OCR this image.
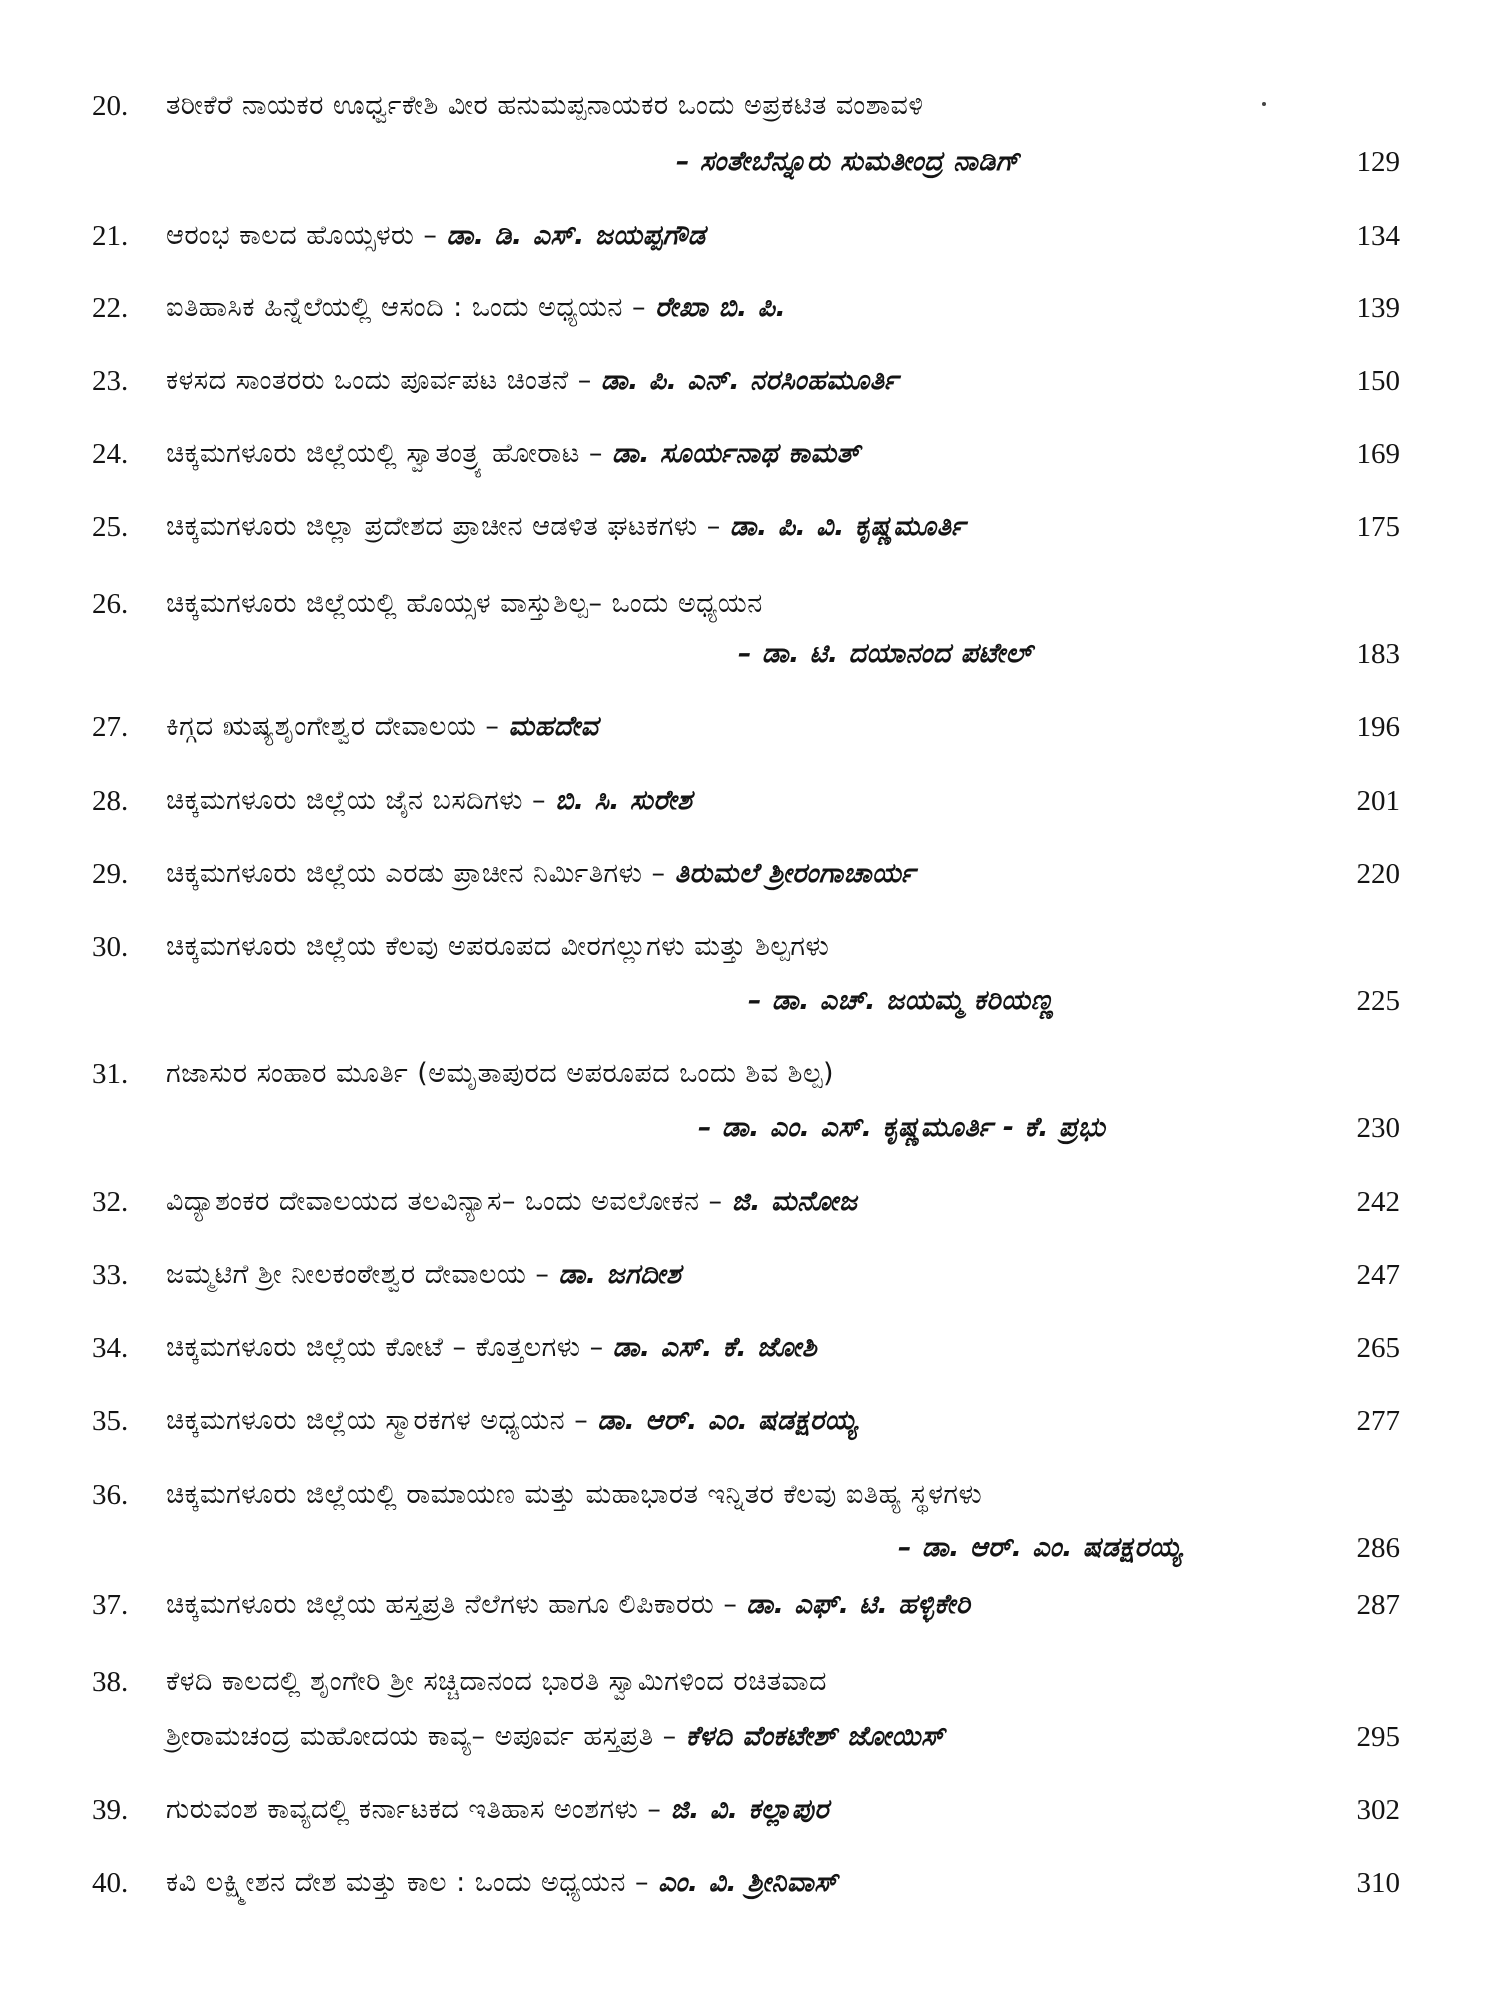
20.	ತರೀಕೆರೆ ನಾಯಕರ ಊರ್ಧ್ವಕೇಶಿ ವೀರ ಹನುಮಪ್ಪನಾಯಕರ ಒಂದು ಅಪ್ರಕಟಿತ ವಂಶಾವಳಿ
– ಸಂತೇಬೆನ್ನೂರು ಸುಮತೀಂದ್ರ ನಾಡಿಗ್	129
21.	ಆರಂಭ ಕಾಲದ ಹೊಯ್ಸಳರು – ಡಾ. ಡಿ. ಎಸ್. ಜಯಪ್ಪಗೌಡ	134
22.	ಐತಿಹಾಸಿಕ ಹಿನ್ನೆಲೆಯಲ್ಲಿ ಆಸಂದಿ : ಒಂದು ಅಧ್ಯಯನ – ರೇಖಾ ಬಿ. ಪಿ.	139
23.	ಕಳಸದ ಸಾಂತರರು ಒಂದು ಪೂರ್ವಪಟ ಚಿಂತನೆ – ಡಾ. ಪಿ. ಎನ್. ನರಸಿಂಹಮೂರ್ತಿ	150
24.	ಚಿಕ್ಕಮಗಳೂರು ಜಿಲ್ಲೆಯಲ್ಲಿ ಸ್ವಾತಂತ್ರ್ಯ ಹೋರಾಟ – ಡಾ. ಸೂರ್ಯನಾಥ ಕಾಮತ್	169
25.	ಚಿಕ್ಕಮಗಳೂರು ಜಿಲ್ಲಾ ಪ್ರದೇಶದ ಪ್ರಾಚೀನ ಆಡಳಿತ ಘಟಕಗಳು – ಡಾ. ಪಿ. ವಿ. ಕೃಷ್ಣಮೂರ್ತಿ	175
26.	ಚಿಕ್ಕಮಗಳೂರು ಜಿಲ್ಲೆಯಲ್ಲಿ ಹೊಯ್ಸಳ ವಾಸ್ತುಶಿಲ್ಪ– ಒಂದು ಅಧ್ಯಯನ
– ಡಾ. ಟಿ. ದಯಾನಂದ ಪಟೇಲ್	183
27.	ಕಿಗ್ಗದ ಋಷ್ಯಶೃಂಗೇಶ್ವರ ದೇವಾಲಯ – ಮಹದೇವ	196
28.	ಚಿಕ್ಕಮಗಳೂರು ಜಿಲ್ಲೆಯ ಜೈನ ಬಸದಿಗಳು – ಬಿ. ಸಿ. ಸುರೇಶ	201
29.	ಚಿಕ್ಕಮಗಳೂರು ಜಿಲ್ಲೆಯ ಎರಡು ಪ್ರಾಚೀನ ನಿರ್ಮಿತಿಗಳು – ತಿರುಮಲೆ ಶ್ರೀರಂಗಾಚಾರ್ಯ	220
30.	ಚಿಕ್ಕಮಗಳೂರು ಜಿಲ್ಲೆಯ ಕೆಲವು ಅಪರೂಪದ ವೀರಗಲ್ಲುಗಳು ಮತ್ತು ಶಿಲ್ಪಗಳು
– ಡಾ. ಎಚ್. ಜಯಮ್ಮ ಕರಿಯಣ್ಣ	225
31.	ಗಜಾಸುರ ಸಂಹಾರ ಮೂರ್ತಿ (ಅಮೃತಾಪುರದ ಅಪರೂಪದ ಒಂದು ಶಿವ ಶಿಲ್ಪ)
– ಡಾ. ಎಂ. ಎಸ್. ಕೃಷ್ಣಮೂರ್ತಿ - ಕೆ. ಪ್ರಭು	230
32.	ವಿದ್ಯಾಶಂಕರ ದೇವಾಲಯದ ತಲವಿನ್ಯಾಸ– ಒಂದು ಅವಲೋಕನ – ಜಿ. ಮನೋಜ	242
33.	ಜಮ್ಮಟಿಗೆ ಶ್ರೀ ನೀಲಕಂಠೇಶ್ವರ ದೇವಾಲಯ – ಡಾ. ಜಗದೀಶ	247
34.	ಚಿಕ್ಕಮಗಳೂರು ಜಿಲ್ಲೆಯ ಕೋಟೆ – ಕೊತ್ತಲಗಳು – ಡಾ. ಎಸ್. ಕೆ. ಜೋಶಿ	265
35.	ಚಿಕ್ಕಮಗಳೂರು ಜಿಲ್ಲೆಯ ಸ್ಮಾರಕಗಳ ಅಧ್ಯಯನ – ಡಾ. ಆರ್. ಎಂ. ಷಡಕ್ಷರಯ್ಯ	277
36.	ಚಿಕ್ಕಮಗಳೂರು ಜಿಲ್ಲೆಯಲ್ಲಿ ರಾಮಾಯಣ ಮತ್ತು ಮಹಾಭಾರತ ಇನ್ನಿತರ ಕೆಲವು ಐತಿಹ್ಯ ಸ್ಥಳಗಳು
– ಡಾ. ಆರ್. ಎಂ. ಷಡಕ್ಷರಯ್ಯ	286
37.	ಚಿಕ್ಕಮಗಳೂರು ಜಿಲ್ಲೆಯ ಹಸ್ತಪ್ರತಿ ನೆಲೆಗಳು ಹಾಗೂ ಲಿಪಿಕಾರರು – ಡಾ. ಎಫ್. ಟಿ. ಹಳ್ಳಿಕೇರಿ	287
38.	ಕೆಳದಿ ಕಾಲದಲ್ಲಿ ಶೃಂಗೇರಿ ಶ್ರೀ ಸಚ್ಚಿದಾನಂದ ಭಾರತಿ ಸ್ವಾಮಿಗಳಿಂದ ರಚಿತವಾದ
ಶ್ರೀರಾಮಚಂದ್ರ ಮಹೋದಯ ಕಾವ್ಯ– ಅಪೂರ್ವ ಹಸ್ತಪ್ರತಿ – ಕೆಳದಿ ವೆಂಕಟೇಶ್ ಜೋಯಿಸ್	295
39.	ಗುರುವಂಶ ಕಾವ್ಯದಲ್ಲಿ ಕರ್ನಾಟಕದ ಇತಿಹಾಸ ಅಂಶಗಳು – ಜಿ. ವಿ. ಕಲ್ಲಾಪುರ	302
40.	ಕವಿ ಲಕ್ಷ್ಮೀಶನ ದೇಶ ಮತ್ತು ಕಾಲ : ಒಂದು ಅಧ್ಯಯನ – ಎಂ. ವಿ. ಶ್ರೀನಿವಾಸ್	310
